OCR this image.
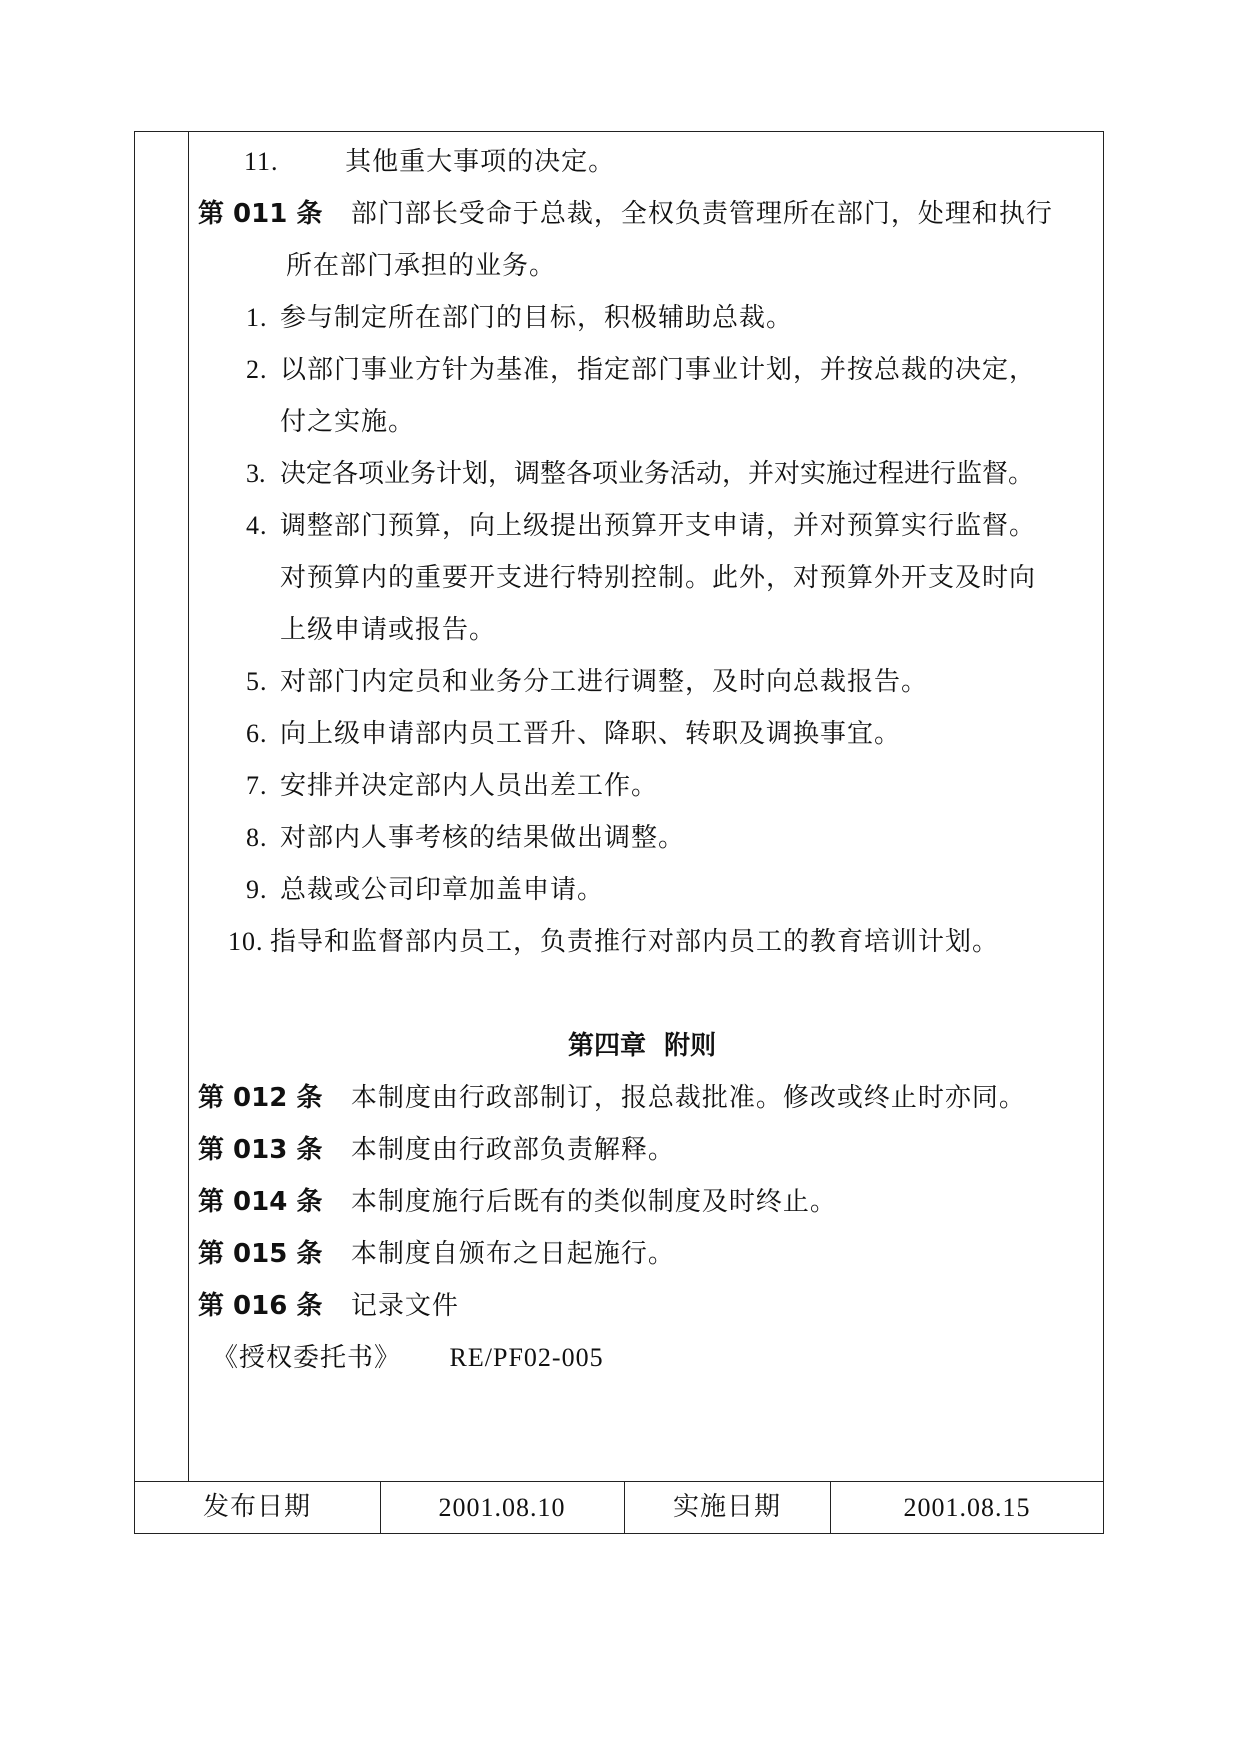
11.	其他重大事项的决定。
第 011 条 部门部长受命于总裁，全权负责管理所在部门，处理和执行
所在部门承担的业务。
1. 参与制定所在部门的目标，积极辅助总裁。
2. 以部门事业方针为基准，指定部门事业计划，并按总裁的决定，
付之实施。
3. 决定各项业务计划，调整各项业务活动，并对实施过程进行监督。
4. 调整部门预算，向上级提出预算开支申请，并对预算实行监督。
对预算内的重要开支进行特别控制。此外，对预算外开支及时向
上级申请或报告。
5. 对部门内定员和业务分工进行调整，及时向总裁报告。
6. 向上级申请部内员工晋升、降职、转职及调换事宜。
7. 安排并决定部内人员出差工作。
8. 对部内人事考核的结果做出调整。
9. 总裁或公司印章加盖申请。
10. 指导和监督部内员工，负责推行对部内员工的教育培训计划。
第四章  附则
第 012 条 本制度由行政部制订，报总裁批准。修改或终止时亦同。
第 013 条 本制度由行政部负责解释。
第 014 条 本制度施行后既有的类似制度及时终止。
第 015 条 本制度自颁布之日起施行。
第 016 条 记录文件
《授权委托书》 RE/PF02-005
发布日期	2001.08.10	实施日期	2001.08.15
